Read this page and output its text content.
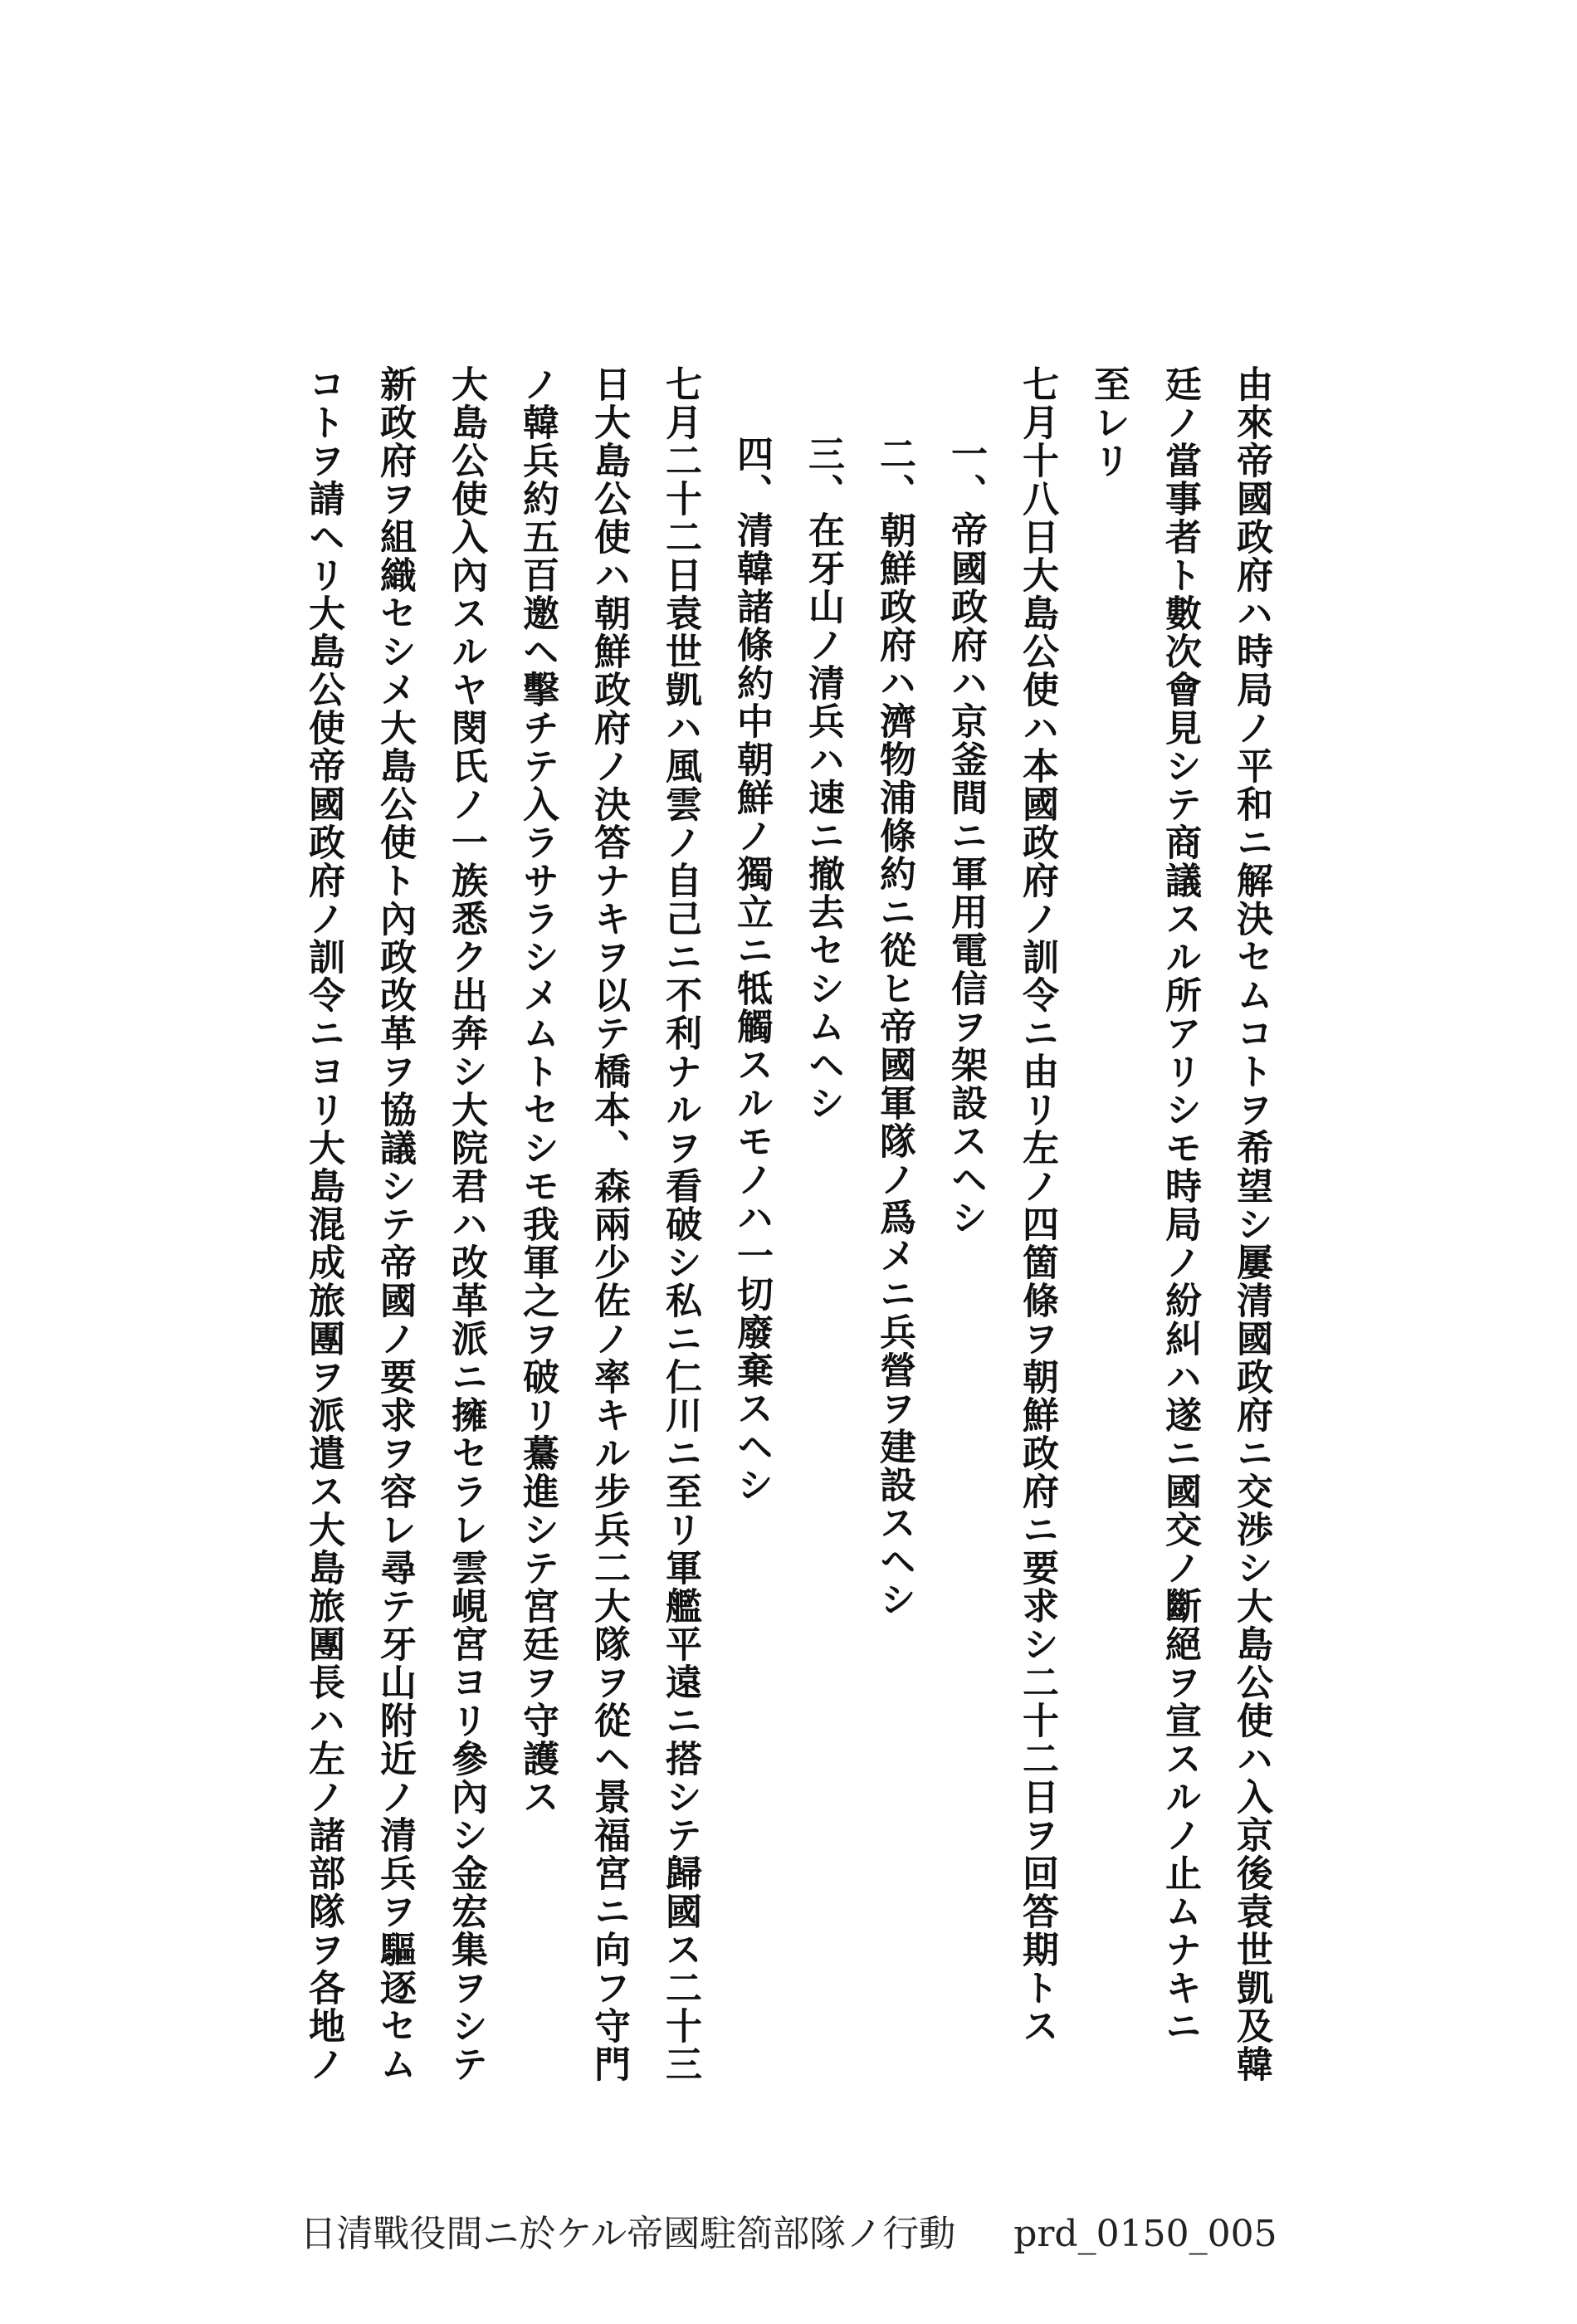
由來帝國政府ハ時局ノ平和ニ解決セムコトヲ希望シ屢清國政府ニ交渉シ大島公使ハ入京後袁世凱及韓

廷ノ當事者ト數次會見シテ商議スル所アリシモ時局ノ紛糾ハ遂ニ國交ノ斷絕ヲ宣スルノ止ムナキニ

至レリ

七月十八日大島公使ハ本國政府ノ訓令ニ由リ左ノ四箇條ヲ朝鮮政府ニ要求シ二十二日ヲ回答期トス

一、帝國政府ハ京釜間ニ軍用電信ヲ架設スヘシ

二、朝鮮政府ハ濟物浦條約ニ從ヒ帝國軍隊ノ爲メニ兵營ヲ建設スヘシ

三、在牙山ノ清兵ハ速ニ撤去セシムヘシ

四、清韓諸條約中朝鮮ノ獨立ニ牴觸スルモノハ一切廢棄スヘシ

七月二十二日袁世凱ハ風雲ノ自己ニ不利ナルヲ看破シ私ニ仁川ニ至リ軍艦平遠ニ搭シテ歸國ス二十三

日大島公使ハ朝鮮政府ノ決答ナキヲ以テ橋本、森兩少佐ノ率キル步兵二大隊ヲ從ヘ景福宮ニ向フ守門

ノ韓兵約五百邀ヘ擊チテ入ラサラシメムトセシモ我軍之ヲ破リ驀進シテ宮廷ヲ守護ス

大島公使入內スルヤ閔氏ノ一族悉ク出奔シ大院君ハ改革派ニ擁セラレ雲峴宮ヨリ參內シ金宏集ヲシテ

新政府ヲ組織セシメ大島公使ト內政改革ヲ協議シテ帝國ノ要求ヲ容レ尋テ牙山附近ノ清兵ヲ驅逐セム

コトヲ請ヘリ大島公使帝國政府ノ訓令ニヨリ大島混成旅團ヲ派遣ス大島旅團長ハ左ノ諸部隊ヲ各地ノ

日清戰役間ニ於ケル帝國駐箚部隊ノ行動 prd_0150_005
